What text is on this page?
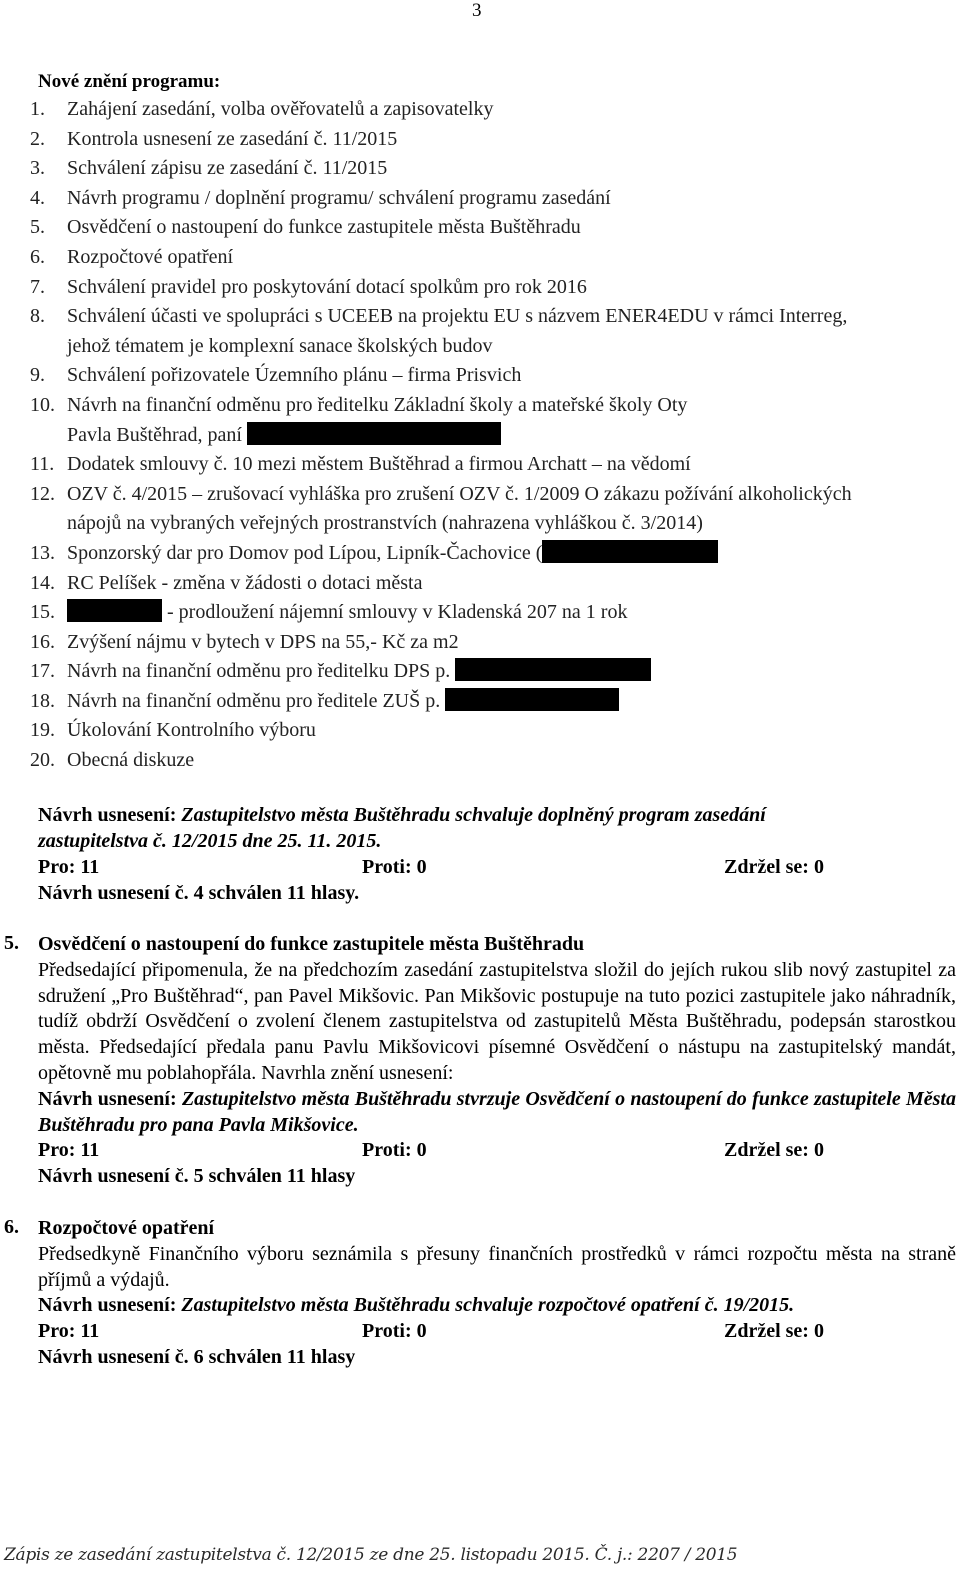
3
Nové znění programu:
1.	Zahájení zasedání, volba ověřovatelů a zapisovatelky
2.	Kontrola usnesení ze zasedání č. 11/2015
3.	Schválení zápisu ze zasedání č. 11/2015
4.	Návrh programu / doplnění programu/ schválení programu zasedání
5.	Osvědčení o nastoupení do funkce zastupitele města Buštěhradu
6.	Rozpočtové opatření
7.	Schválení pravidel pro poskytování dotací spolkům pro rok 2016
8.	Schválení účasti ve spolupráci s UCEEB na projektu EU s názvem ENER4EDU v rámci Interreg,
jehož tématem je komplexní sanace školských budov
9.	Schválení pořizovatele Územního plánu – firma Prisvich
10. Návrh na finanční odměnu pro ředitelku Základní školy a mateřské školy Oty
Pavla Buštěhrad, paní
11. Dodatek smlouvy č. 10 mezi městem Buštěhrad a firmou Archatt – na vědomí
12. OZV č. 4/2015 – zrušovací vyhláška pro zrušení OZV č. 1/2009 O zákazu požívání alkoholických
nápojů na vybraných veřejných prostranstvích (nahrazena vyhláškou č. 3/2014)
13. Sponzorský dar pro Domov pod Lípou, Lipník-Čachovice (
14. RC Pelíšek - změna v žádosti o dotaci města
15.	- prodloužení nájemní smlouvy v Kladenská 207 na 1 rok
16. Zvýšení nájmu v bytech v DPS na 55,- Kč za m2
17. Návrh na finanční odměnu pro ředitelku DPS p.
18. Návrh na finanční odměnu pro ředitele ZUŠ p.
19. Úkolování Kontrolního výboru
20. Obecná diskuze
Návrh usnesení: Zastupitelstvo města Buštěhradu schvaluje doplněný program zasedání zastupitelstva č. 12/2015 dne 25. 11. 2015.
Pro: 11	Proti: 0	Zdržel se: 0
Návrh usnesení č. 4 schválen 11 hlasy.
5. Osvědčení o nastoupení do funkce zastupitele města Buštěhradu
Předsedající připomenula, že na předchozím zasedání zastupitelstva složil do jejích rukou slib nový zastupitel za sdružení „Pro Buštěhrad“, pan Pavel Mikšovic. Pan Mikšovic postupuje na tuto pozici zastupitele jako náhradník, tudíž obdrží Osvědčení o zvolení členem zastupitelstva od zastupitelů Města Buštěhradu, podepsán starostkou města. Předsedající předala panu Pavlu Mikšovicovi písemné Osvědčení o nástupu na zastupitelský mandát, opětovně mu poblahopřála. Navrhla znění usnesení:
Návrh usnesení: Zastupitelstvo města Buštěhradu stvrzuje Osvědčení o nastoupení do funkce zastupitele Města Buštěhradu pro pana Pavla Mikšovice.
Pro: 11	Proti: 0	Zdržel se: 0
Návrh usnesení č. 5 schválen 11 hlasy
6. Rozpočtové opatření
Předsedkyně Finančního výboru seznámila s přesuny finančních prostředků v rámci rozpočtu města na straně příjmů a výdajů.
Návrh usnesení: Zastupitelstvo města Buštěhradu schvaluje rozpočtové opatření č. 19/2015.
Pro: 11	Proti: 0	Zdržel se: 0
Návrh usnesení č. 6 schválen 11 hlasy
Zápis ze zasedání zastupitelstva č. 12/2015 ze dne 25. listopadu 2015. Č. j.: 2207 / 2015
